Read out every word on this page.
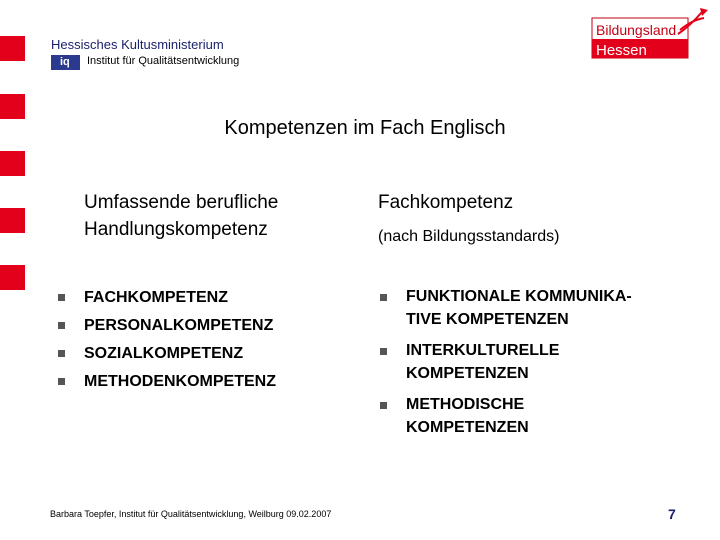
Hessisches Kultusministerium
iq Institut für Qualitätsentwicklung
Bildungsland
Hessen
Kompetenzen im Fach Englisch
Umfassende berufliche
Handlungskompetenz
Fachkompetenz
(nach Bildungsstandards)
FACHKOMPETENZ
PERSONALKOMPETENZ
SOZIALKOMPETENZ
METHODENKOMPETENZ
FUNKTIONALE KOMMUNIKA-
TIVE KOMPETENZEN
INTERKULTURELLE
KOMPETENZEN
METHODISCHE
KOMPETENZEN
Barbara Toepfer, Institut für Qualitätsentwicklung, Weilburg 09.02.2007	7
